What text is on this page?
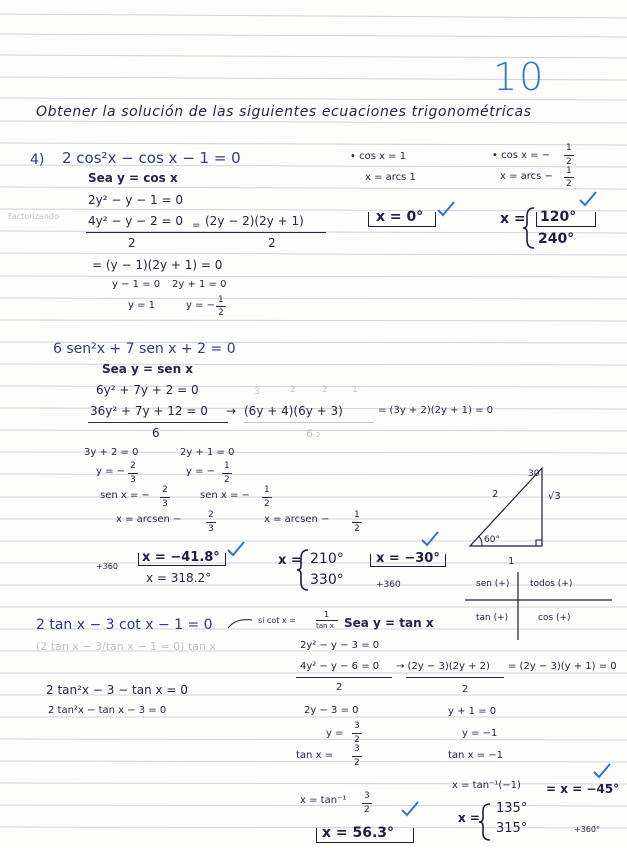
10
Obtener la solución de las siguientes ecuaciones trigonométricas
4) 2 cos²x − cos x − 1 = 0
Sea y = cos x
2y² − y − 1 = 0
Factorizando 4y² − y − 2 = 0 = (2y − 2)(2y + 1)
2	2
= (y − 1)(2y + 1) = 0
y − 1 = 0 2y + 1 = 0
y = 1	y = − 1
2
• cos x = 1
x = arcs 1
x = 0°
• cos x = −
1
2
x = arcs − 1
2
x = 120°
240°
6 sen²x + 7 sen x + 2 = 0
Sea y = sen x
6y² + 7y + 2 = 0	3	2	2	1
36y² + 7y + 12 = 0 → (6y + 4)(6y + 3)	= (3y + 2)(2y + 1) = 0
6	6 2
3y + 2 = 0	2y + 1 = 0
y = − 2
3
y = − 1
2
sen x = − 2
3
sen x = − 1
2
x = arcsen −	2
3
x = arcsen −	1
2
30
2	√3
60°
1
+360
x = −41.8°
x = 318.2°
x = 210°
330°
x = −30°
+360	sen (+) todos (+)
tan (+)	cos (+)
2 tan x − 3 cot x − 1 = 0	si cot x =
1
tan x Sea y = tan x
(2 tan x − 3/tan x − 1 = 0) tan x
2 tan²x − 3 − tan x = 0
2 tan²x − tan x − 3 = 0
2y² − y − 3 = 0
4y² − y − 6 = 0 → (2y − 3)(2y + 2) = (2y − 3)(y + 1) = 0
2	2
2y − 3 = 0	y + 1 = 0
y =
3
2
y = −1
tan x =
3
2
tan x = −1
x = tan⁻¹(−1) = x = −45°
x = tan⁻¹ 3
2
x =
135°
315°	+360°
x = 56.3°
